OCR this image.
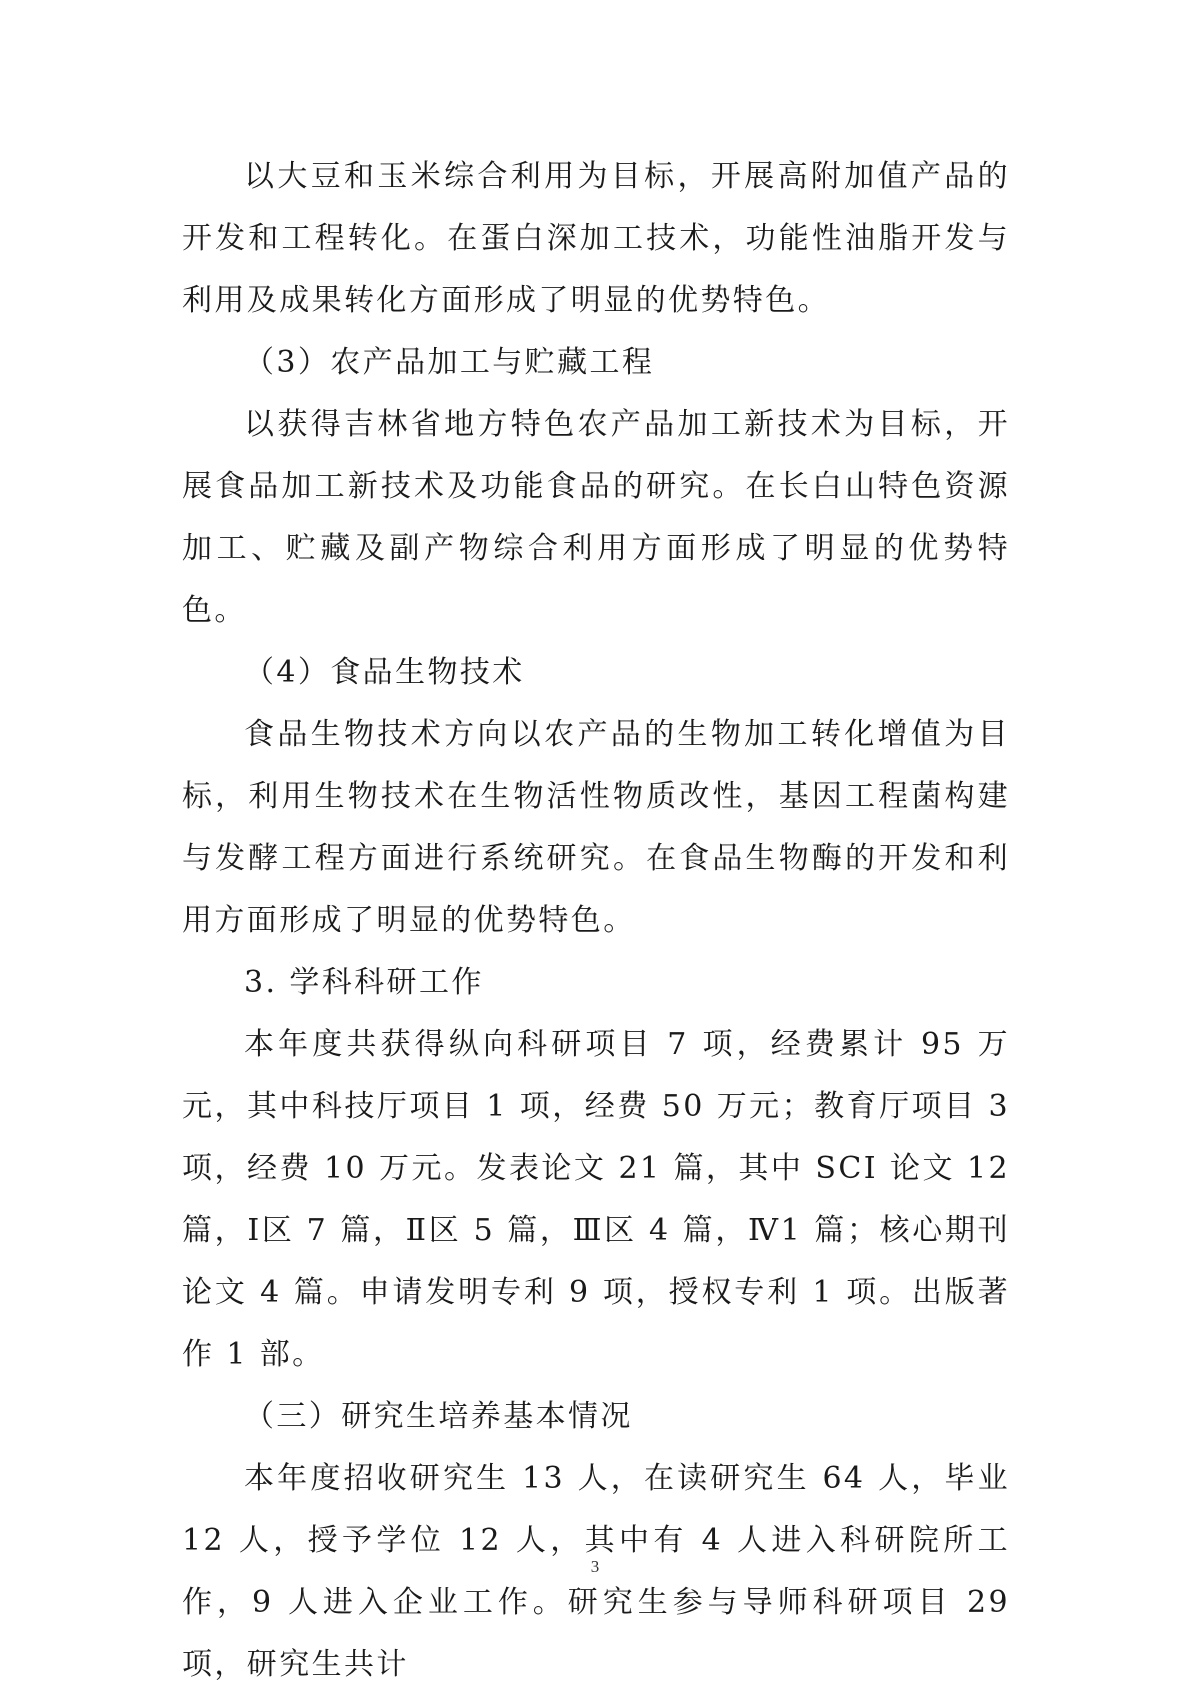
以大豆和玉米综合利用为目标，开展高附加值产品的开发和工程转化。在蛋白深加工技术，功能性油脂开发与利用及成果转化方面形成了明显的优势特色。

（3）农产品加工与贮藏工程

以获得吉林省地方特色农产品加工新技术为目标，开展食品加工新技术及功能食品的研究。在长白山特色资源加工、贮藏及副产物综合利用方面形成了明显的优势特色。

（4）食品生物技术

食品生物技术方向以农产品的生物加工转化增值为目标，利用生物技术在生物活性物质改性，基因工程菌构建与发酵工程方面进行系统研究。在食品生物酶的开发和利用方面形成了明显的优势特色。

3. 学科科研工作

本年度共获得纵向科研项目 7 项，经费累计 95 万元，其中科技厅项目 1 项，经费 50 万元；教育厅项目 3 项，经费 10 万元。发表论文 21 篇，其中 SCI 论文 12 篇，Ⅰ区 7 篇，Ⅱ区 5 篇，Ⅲ区 4 篇，Ⅳ1 篇；核心期刊论文 4 篇。申请发明专利 9 项，授权专利 1 项。出版著作 1 部。

（三）研究生培养基本情况

本年度招收研究生 13 人，在读研究生 64 人，毕业 12 人，授予学位 12 人，其中有 4 人进入科研院所工作，9 人进入企业工作。研究生参与导师科研项目 29 项，研究生共计

3
